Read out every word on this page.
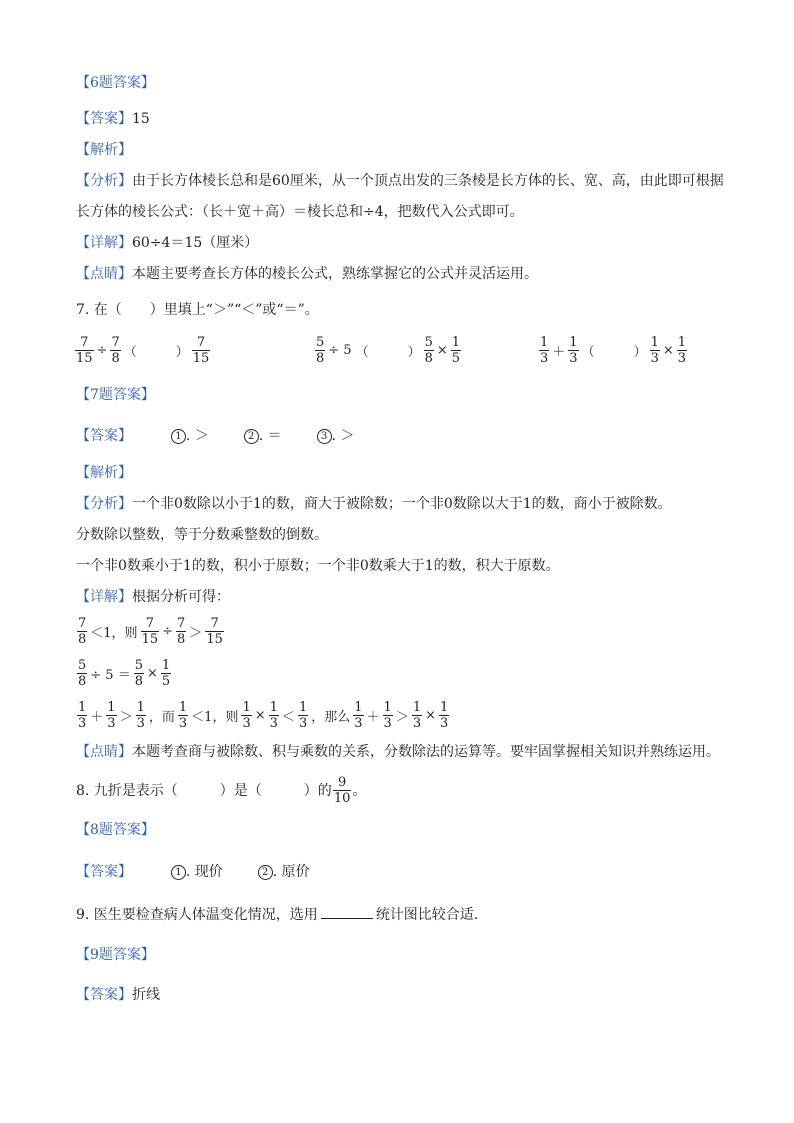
【6题答案】
【答案】15
【解析】
【分析】由于长方体棱长总和是60厘米，从一个顶点出发的三条棱是长方体的长、宽、高，由此即可根据
长方体的棱长公式：（长＋宽＋高）＝棱长总和÷4，把数代入公式即可。
【详解】60÷4＝15（厘米）
【点睛】本题主要考查长方体的棱长公式，熟练掌握它的公式并灵活运用。
7. 在（　　）里填上“＞”“＜”或“＝”。
$\frac{7}{15} \div \frac{7}{8}$ （　　　） $\frac{7}{15}$	$\frac{5}{8} \div 5$ （　　　） $\frac{5}{8} \times \frac{1}{5}$	$\frac{1}{3} + \frac{1}{3}$ （　　　） $\frac{1}{3} \times \frac{1}{3}$
【7题答案】
【答案】	1 . ＞	2 . ＝	3 . ＞
【解析】
【分析】一个非0数除以小于1的数，商大于被除数；一个非0数除以大于1的数，商小于被除数。
分数除以整数，等于分数乘整数的倒数。
一个非0数乘小于1的数，积小于原数；一个非0数乘大于1的数，积大于原数。
【详解】根据分析可得：
$\frac{7}{8} <1$，则 $\frac{7}{15} \div \frac{7}{8} > \frac{7}{15}$
$\frac{5}{8} \div 5 = \frac{5}{8} \times \frac{1}{5}$
$\frac{1}{3} + \frac{1}{3} > \frac{1}{3}$ ，而 $\frac{1}{3} <1$，则 $\frac{1}{3} \times \frac{1}{3} < \frac{1}{3}$ ，那么 $\frac{1}{3} + \frac{1}{3} > \frac{1}{3} \times \frac{1}{3}$
【点睛】本题考查商与被除数、积与乘数的关系，分数除法的运算等。要牢固掌握相关知识并熟练运用。
8. 九折是表示（　　　）是（　　　）的 $\frac{9}{10}$ 。
【8题答案】
【答案】	1 . 现价	2 . 原价
9. 医生要检查病人体温变化情况，选用	统计图比较合适．
【9题答案】
【答案】折线
